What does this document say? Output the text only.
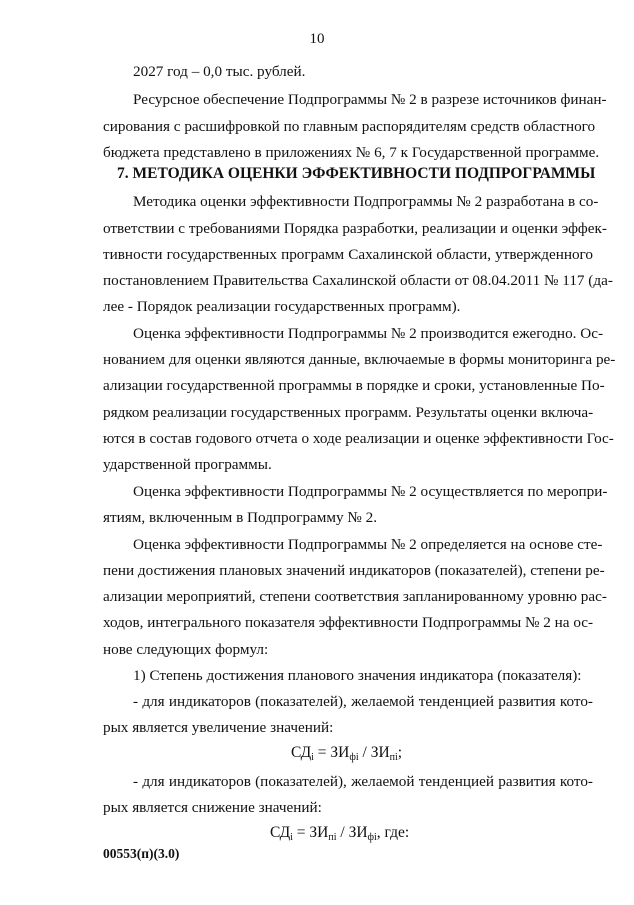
10
2027 год – 0,0 тыс. рублей.
Ресурсное обеспечение Подпрограммы № 2 в разрезе источников финан-
сирования с расшифровкой по главным распорядителям средств областного
бюджета представлено в приложениях № 6, 7 к Государственной программе.
7. МЕТОДИКА ОЦЕНКИ ЭФФЕКТИВНОСТИ ПОДПРОГРАММЫ
Методика оценки эффективности Подпрограммы № 2 разработана в со-
ответствии с требованиями Порядка разработки, реализации и оценки эффек-
тивности государственных программ Сахалинской области, утвержденного
постановлением Правительства Сахалинской области от 08.04.2011 № 117 (да-
лее - Порядок реализации государственных программ).
Оценка эффективности Подпрограммы № 2 производится ежегодно. Ос-
нованием для оценки являются данные, включаемые в формы мониторинга ре-
ализации государственной программы в порядке и сроки, установленные По-
рядком реализации государственных программ. Результаты оценки включа-
ются в состав годового отчета о ходе реализации и оценке эффективности Гос-
ударственной программы.
Оценка эффективности Подпрограммы № 2 осуществляется по меропри-
ятиям, включенным в Подпрограмму № 2.
Оценка эффективности Подпрограммы № 2 определяется на основе сте-
пени достижения плановых значений индикаторов (показателей), степени ре-
ализации мероприятий, степени соответствия запланированному уровню рас-
ходов, интегрального показателя эффективности Подпрограммы № 2 на ос-
нове следующих формул:
1) Степень достижения планового значения индикатора (показателя):
- для индикаторов (показателей), желаемой тенденцией развития кото-
рых является увеличение значений:
$СД_i = ЗИ_{фi} / ЗИ_{пi}$;
- для индикаторов (показателей), желаемой тенденцией развития кото-
рых является снижение значений:
$СД_i = ЗИ_{пi} / ЗИ_{фi}$, где:
00553(п)(3.0)
